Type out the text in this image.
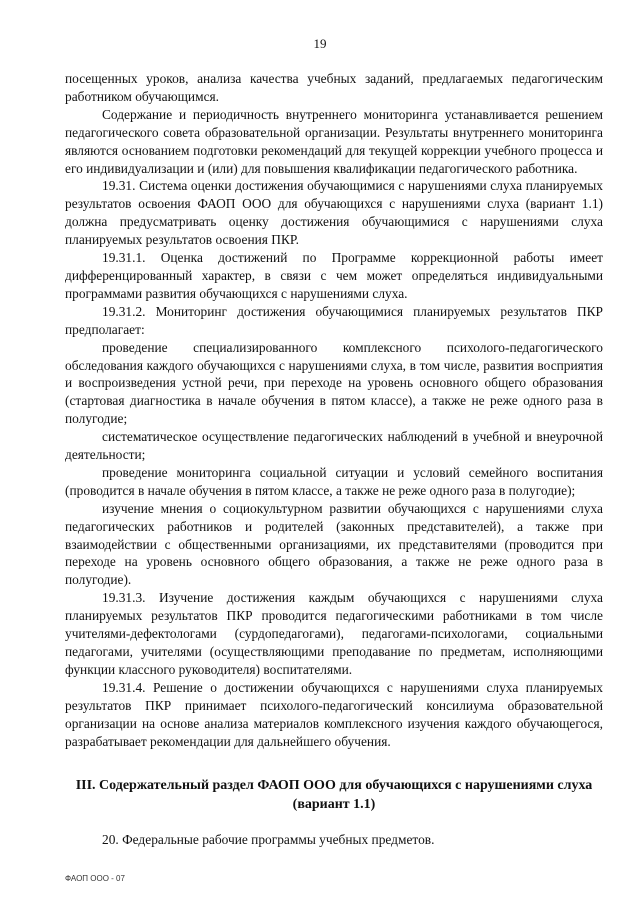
19

посещенных уроков, анализа качества учебных заданий, предлагаемых педагогическим работником обучающимся.

Содержание и периодичность внутреннего мониторинга устанавливается решением педагогического совета образовательной организации. Результаты внутреннего мониторинга являются основанием подготовки рекомендаций для текущей коррекции учебного процесса и его индивидуализации и (или) для повышения квалификации педагогического работника.

19.31. Система оценки достижения обучающимися с нарушениями слуха планируемых результатов освоения ФАОП ООО для обучающихся с нарушениями слуха (вариант 1.1) должна предусматривать оценку достижения обучающимися с нарушениями слуха планируемых результатов освоения ПКР.

19.31.1. Оценка достижений по Программе коррекционной работы имеет дифференцированный характер, в связи с чем может определяться индивидуальными программами развития обучающихся с нарушениями слуха.

19.31.2. Мониторинг достижения обучающимися планируемых результатов ПКР предполагает:

проведение специализированного комплексного психолого-педагогического обследования каждого обучающихся с нарушениями слуха, в том числе, развития восприятия и воспроизведения устной речи, при переходе на уровень основного общего образования (стартовая диагностика в начале обучения в пятом классе), а также не реже одного раза в полугодие;

систематическое осуществление педагогических наблюдений в учебной и внеурочной деятельности;

проведение мониторинга социальной ситуации и условий семейного воспитания (проводится в начале обучения в пятом классе, а также не реже одного раза в полугодие);

изучение мнения о социокультурном развитии обучающихся с нарушениями слуха педагогических работников и родителей (законных представителей), а также при взаимодействии с общественными организациями, их представителями (проводится при переходе на уровень основного общего образования, а также не реже одного раза в полугодие).

19.31.3. Изучение достижения каждым обучающихся с нарушениями слуха планируемых результатов ПКР проводится педагогическими работниками в том числе учителями-дефектологами (сурдопедагогами), педагогами-психологами, социальными педагогами, учителями (осуществляющими преподавание по предметам, исполняющими функции классного руководителя) воспитателями.

19.31.4. Решение о достижении обучающихся с нарушениями слуха планируемых результатов ПКР принимает психолого-педагогический консилиума образовательной организации на основе анализа материалов комплексного изучения каждого обучающегося, разрабатывает рекомендации для дальнейшего обучения.

III. Содержательный раздел ФАОП ООО для обучающихся с нарушениями слуха (вариант 1.1)

20. Федеральные рабочие программы учебных предметов.

ФАОП ООО - 07
